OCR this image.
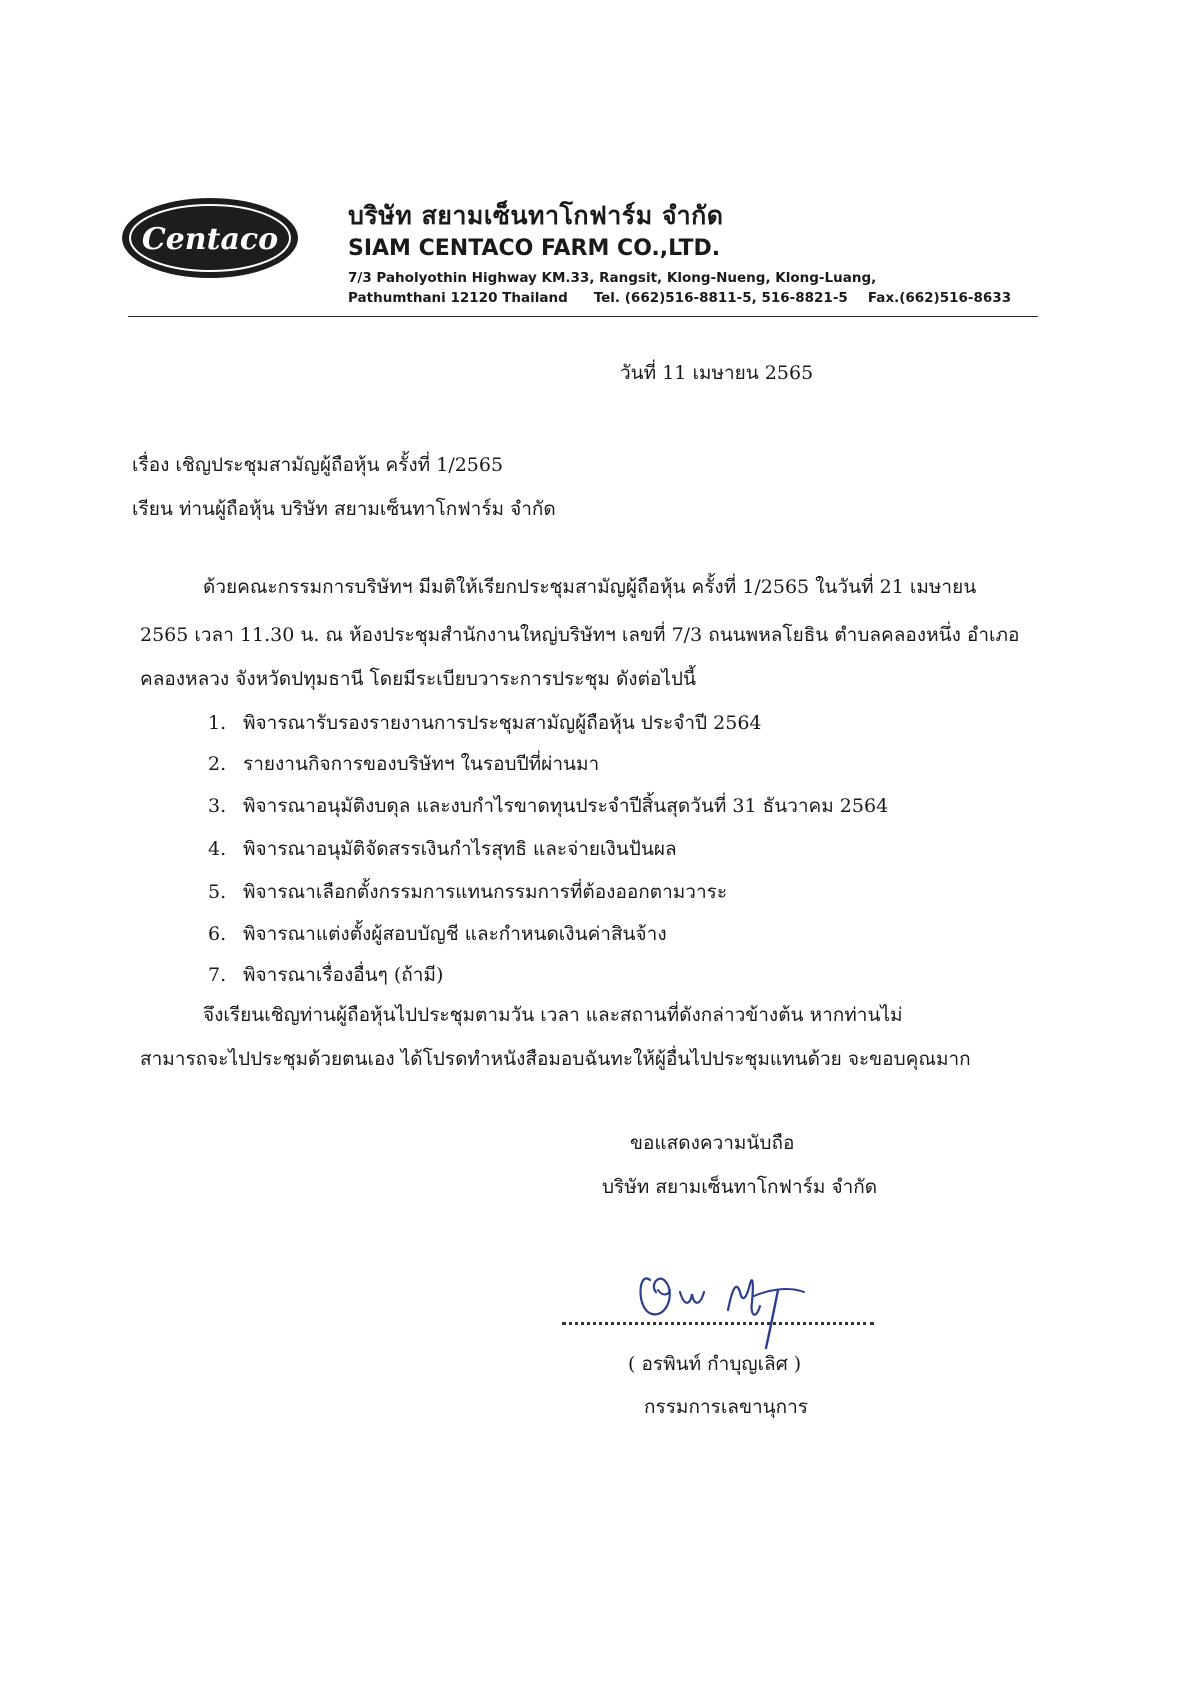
Centaco
บริษัท สยามเซ็นทาโกฟาร์ม จำกัด
SIAM CENTACO FARM CO.,LTD.
7/3 Paholyothin Highway KM.33, Rangsit, Klong-Nueng, Klong-Luang,
Pathumthani 12120 Thailand Tel. (662)516-8811-5, 516-8821-5 Fax.(662)516-8633
วันที่ 11 เมษายน 2565
เรื่อง เชิญประชุมสามัญผู้ถือหุ้น ครั้งที่ 1/2565
เรียน ท่านผู้ถือหุ้น บริษัท สยามเซ็นทาโกฟาร์ม จำกัด
ด้วยคณะกรรมการบริษัทฯ มีมติให้เรียกประชุมสามัญผู้ถือหุ้น ครั้งที่ 1/2565 ในวันที่ 21 เมษายน
2565 เวลา 11.30 น. ณ ห้องประชุมสำนักงานใหญ่บริษัทฯ เลขที่ 7/3 ถนนพหลโยธิน ตำบลคลองหนึ่ง อำเภอ
คลองหลวง จังหวัดปทุมธานี โดยมีระเบียบวาระการประชุม ดังต่อไปนี้
1. พิจารณารับรองรายงานการประชุมสามัญผู้ถือหุ้น ประจำปี 2564
2. รายงานกิจการของบริษัทฯ ในรอบปีที่ผ่านมา
3. พิจารณาอนุมัติงบดุล และงบกำไรขาดทุนประจำปีสิ้นสุดวันที่ 31 ธันวาคม 2564
4. พิจารณาอนุมัติจัดสรรเงินกำไรสุทธิ และจ่ายเงินปันผล
5. พิจารณาเลือกตั้งกรรมการแทนกรรมการที่ต้องออกตามวาระ
6. พิจารณาแต่งตั้งผู้สอบบัญชี และกำหนดเงินค่าสินจ้าง
7. พิจารณาเรื่องอื่นๆ (ถ้ามี)
จึงเรียนเชิญท่านผู้ถือหุ้นไปประชุมตามวัน เวลา และสถานที่ดังกล่าวข้างต้น หากท่านไม่
สามารถจะไปประชุมด้วยตนเอง ได้โปรดทำหนังสือมอบฉันทะให้ผู้อื่นไปประชุมแทนด้วย จะขอบคุณมาก
ขอแสดงความนับถือ
บริษัท สยามเซ็นทาโกฟาร์ม จำกัด
( อรพินท์ กำบุญเลิศ )
กรรมการเลขานุการ
